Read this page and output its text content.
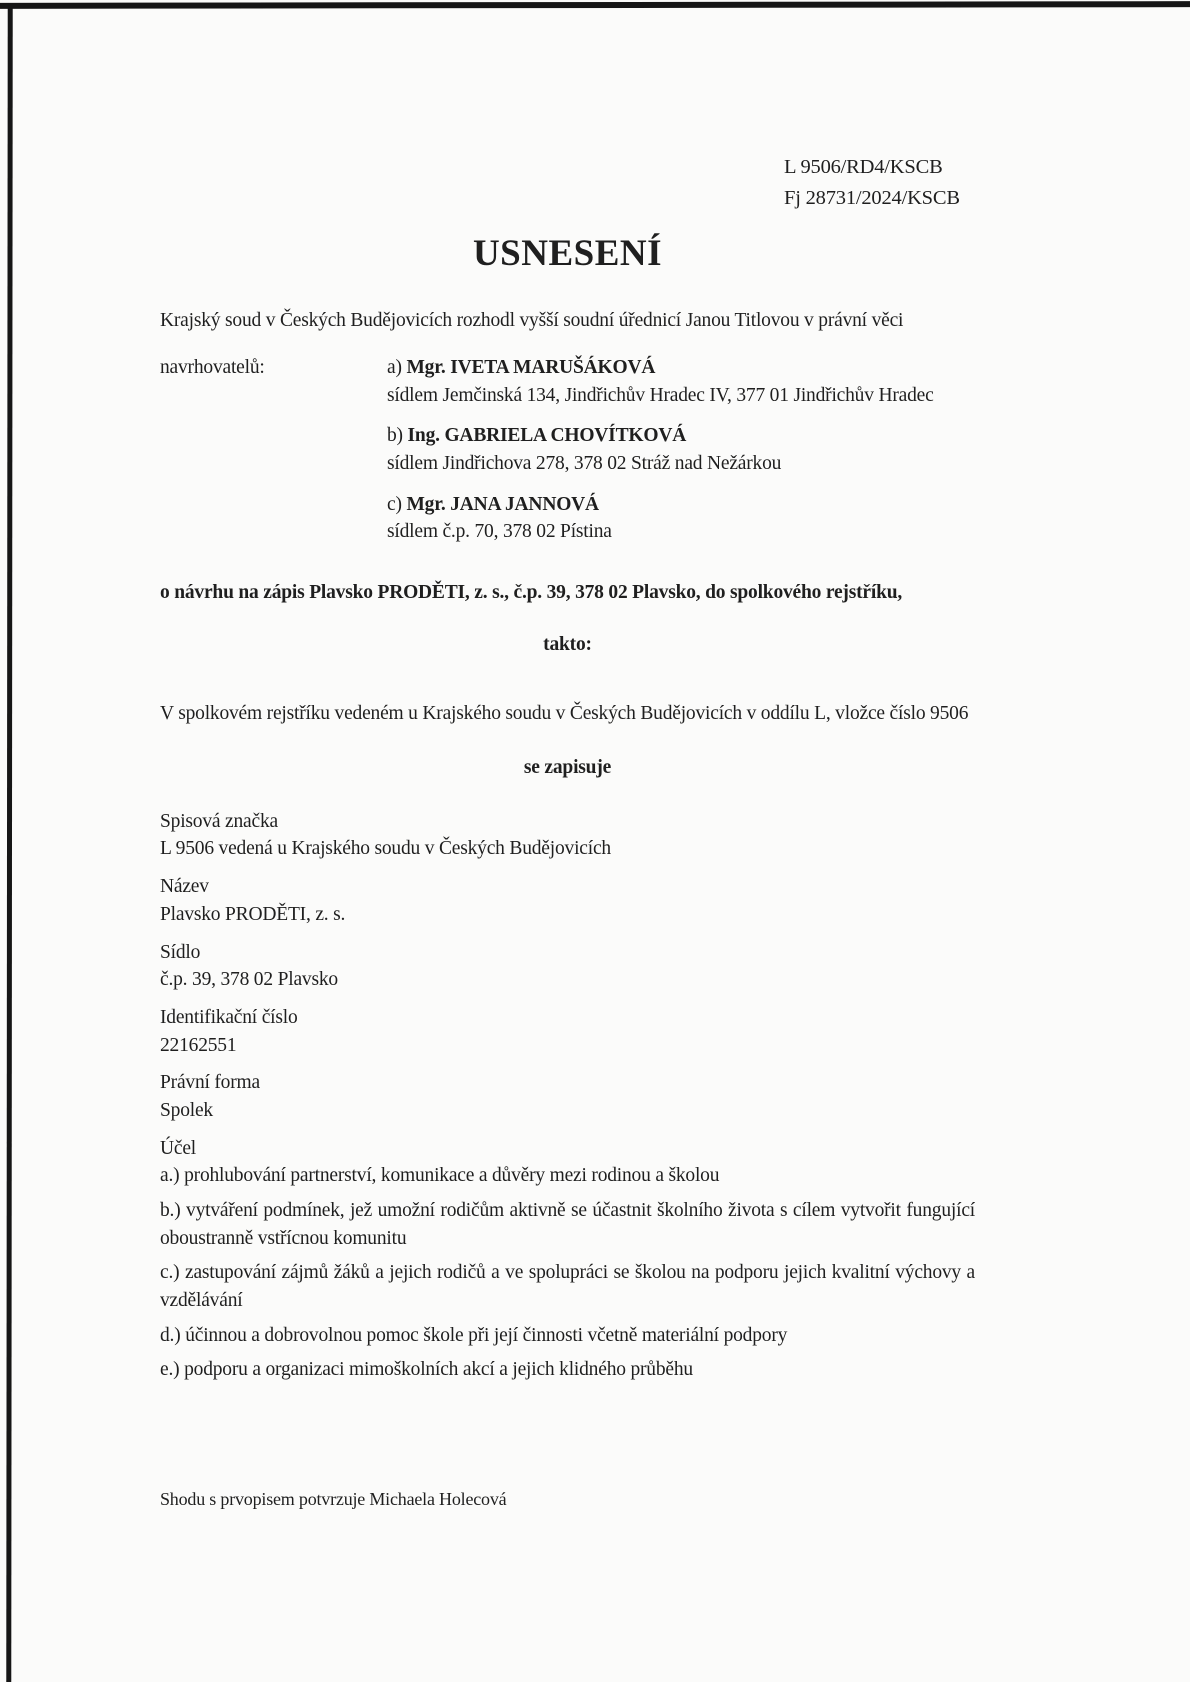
L 9506/RD4/KSCB
Fj 28731/2024/KSCB
USNESENÍ

Krajský soud v Českých Budějovicích rozhodl vyšší soudní úřednicí Janou Titlovou v právní věci

navrhovatelů:	a) Mgr. IVETA MARUŠÁKOVÁ
sídlem Jemčinská 134, Jindřichův Hradec IV, 377 01 Jindřichův Hradec
b) Ing. GABRIELA CHOVÍTKOVÁ
sídlem Jindřichova 278, 378 02 Stráž nad Nežárkou
c) Mgr. JANA JANNOVÁ
sídlem č.p. 70, 378 02 Pístina

o návrhu na zápis Plavsko PRODĚTI, z. s., č.p. 39, 378 02 Plavsko, do spolkového rejstříku,

takto:

V spolkovém rejstříku vedeném u Krajského soudu v Českých Budějovicích v oddílu L, vložce číslo 9506

se zapisuje
Spisová značka
L 9506 vedená u Krajského soudu v Českých Budějovicích
Název
Plavsko PRODĚTI, z. s.
Sídlo
č.p. 39, 378 02 Plavsko
Identifikační číslo
22162551
Právní forma
Spolek
Účel
a.) prohlubování partnerství, komunikace a důvěry mezi rodinou a školou
b.) vytváření podmínek, jež umožní rodičům aktivně se účastnit školního života s cílem vytvořit fungující oboustranně vstřícnou komunitu
c.) zastupování zájmů žáků a jejich rodičů a ve spolupráci se školou na podporu jejich kvalitní výchovy a vzdělávání
d.) účinnou a dobrovolnou pomoc škole při její činnosti včetně materiální podpory
e.) podporu a organizaci mimoškolních akcí a jejich klidného průběhu
Shodu s prvopisem potvrzuje Michaela Holecová
